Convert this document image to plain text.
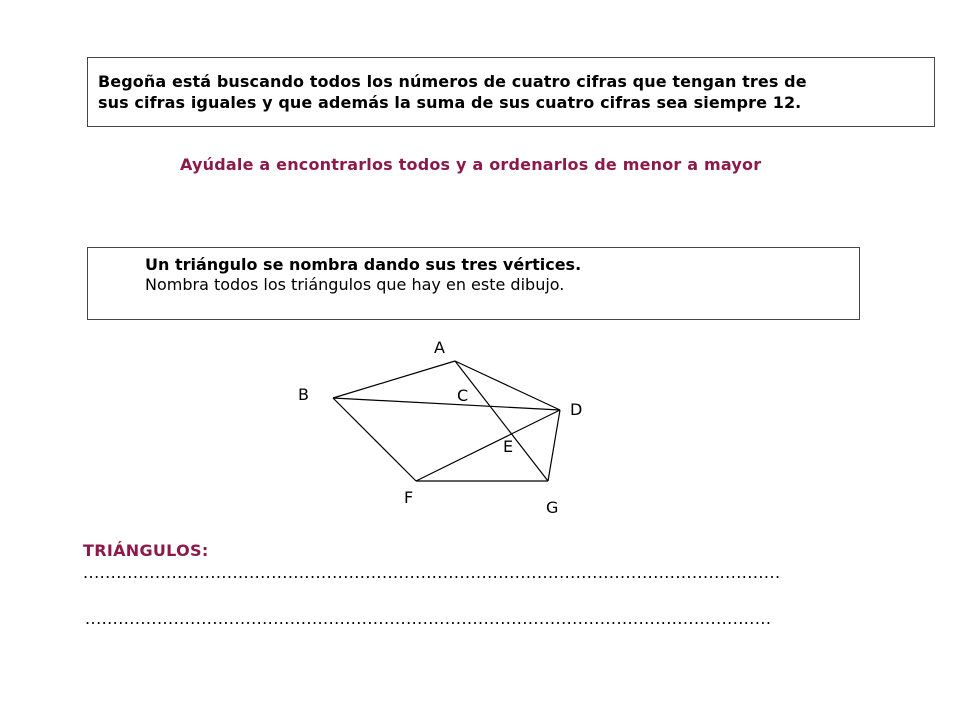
Begoña está buscando todos los números de cuatro cifras que tengan tres de

sus cifras iguales y que además la suma de sus cuatro cifras sea siempre 12.

Ayúdale a encontrarlos todos y a ordenarlos de menor a mayor

Un triángulo se nombra dando sus tres vértices.

Nombra todos los triángulos que hay en este dibujo.

A
B	C
D
E
F
G

TRIÁNGULOS:

..............................................................................................................................

............................................................................................................................
